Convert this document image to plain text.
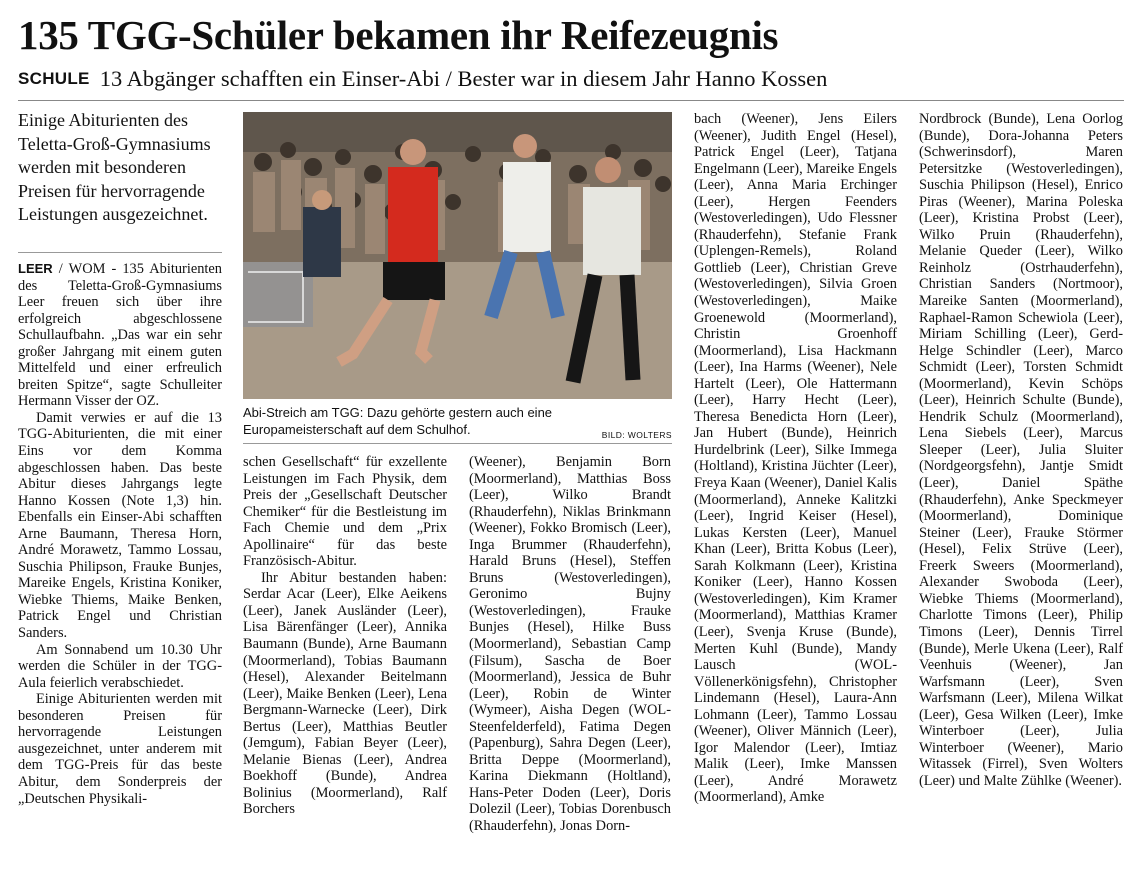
135 TGG-Schüler bekamen ihr Reifezeugnis
SCHULE 13 Abgänger schafften ein Einser-Abi / Bester war in diesem Jahr Hanno Kossen
Einige Abiturienten des Teletta-Groß-Gymnasiums werden mit besonderen Preisen für hervorragende Leistungen ausgezeichnet.

LEER / WOM - 135 Abiturienten des Teletta-Groß-Gymnasiums Leer freuen sich über ihre erfolgreich abgeschlossene Schullaufbahn. „Das war ein sehr großer Jahrgang mit einem guten Mittelfeld und einer erfreulich breiten Spitze“, sagte Schulleiter Hermann Visser der OZ.

Damit verwies er auf die 13 TGG-Abiturienten, die mit einer Eins vor dem Komma abgeschlossen haben. Das beste Abitur dieses Jahrgangs legte Hanno Kossen (Note 1,3) hin. Ebenfalls ein Einser-Abi schafften Arne Baumann, Theresa Horn, André Morawetz, Tammo Lossau, Suschia Philipson, Frauke Bunjes, Mareike Engels, Kristina Koniker, Wiebke Thiems, Maike Benken, Patrick Engel und Christian Sanders.

Am Sonnabend um 10.30 Uhr werden die Schüler in der TGG-Aula feierlich verabschiedet.

Einige Abiturienten werden mit besonderen Preisen für hervorragende Leistungen ausgezeichnet, unter anderem mit dem TGG-Preis für das beste Abitur, dem Sonderpreis der „Deutschen Physikali-

Abi-Streich am TGG: Dazu gehörte gestern auch eine Europameisterschaft auf dem Schulhof.	BILD: WOLTERS

schen Gesellschaft“ für exzellente Leistungen im Fach Physik, dem Preis der „Gesellschaft Deutscher Chemiker“ für die Bestleistung im Fach Chemie und dem „Prix Apollinaire“ für das beste Französisch-Abitur.

Ihr Abitur bestanden haben: Serdar Acar (Leer), Elke Aeikens (Leer), Janek Ausländer (Leer), Lisa Bärenfänger (Leer), Annika Baumann (Bunde), Arne Baumann (Moormerland), Tobias Baumann (Hesel), Alexander Beitelmann (Leer), Maike Benken (Leer), Lena Bergmann-Warnecke (Leer), Dirk Bertus (Leer), Matthias Beutler (Jemgum), Fabian Beyer (Leer), Melanie Bienas (Leer), Andrea Boekhoff (Bunde), Andrea Bolinius (Moormerland), Ralf Borchers

(Weener), Benjamin Born (Moormerland), Matthias Boss (Leer), Wilko Brandt (Rhauderfehn), Niklas Brinkmann (Weener), Fokko Bromisch (Leer), Inga Brummer (Rhauderfehn), Harald Bruns (Hesel), Steffen Bruns (Westoverledingen), Geronimo Bujny (Westoverledingen), Frauke Bunjes (Hesel), Hilke Buss (Moormerland), Sebastian Camp (Filsum), Sascha de Boer (Moormerland), Jessica de Buhr (Leer), Robin de Winter (Wymeer), Aisha Degen (WOL-Steenfelderfeld), Fatima Degen (Papenburg), Sahra Degen (Leer), Britta Deppe (Moormerland), Karina Diekmann (Holtland), Hans-Peter Doden (Leer), Doris Dolezil (Leer), Tobias Dorenbusch (Rhauderfehn), Jonas Dorn-

bach (Weener), Jens Eilers (Weener), Judith Engel (Hesel), Patrick Engel (Leer), Tatjana Engelmann (Leer), Mareike Engels (Leer), Anna Maria Erchinger (Leer), Hergen Feenders (Westoverledingen), Udo Flessner (Rhauderfehn), Stefanie Frank (Uplengen-Remels), Roland Gottlieb (Leer), Christian Greve (Westoverledingen), Silvia Groen (Westoverledingen), Maike Groenewold (Moormerland), Christin Groenhoff (Moormerland), Lisa Hackmann (Leer), Ina Harms (Weener), Nele Hartelt (Leer), Ole Hattermann (Leer), Harry Hecht (Leer), Theresa Benedicta Horn (Leer), Jan Hubert (Bunde), Heinrich Hurdelbrink (Leer), Silke Immega (Holtland), Kristina Jüchter (Leer), Freya Kaan (Weener), Daniel Kalis (Moormerland), Anneke Kalitzki (Leer), Ingrid Keiser (Hesel), Lukas Kersten (Leer), Manuel Khan (Leer), Britta Kobus (Leer), Sarah Kolkmann (Leer), Kristina Koniker (Leer), Hanno Kossen (Westoverledingen), Kim Kramer (Moormerland), Matthias Kramer (Leer), Svenja Kruse (Bunde), Merten Kuhl (Bunde), Mandy Lausch (WOL-Völlenerkönigsfehn), Christopher Lindemann (Hesel), Laura-Ann Lohmann (Leer), Tammo Lossau (Weener), Oliver Männich (Leer), Igor Malendor (Leer), Imtiaz Malik (Leer), Imke Manssen (Leer), André Morawetz (Moormerland), Amke

Nordbrock (Bunde), Lena Oorlog (Bunde), Dora-Johanna Peters (Schwerinsdorf), Maren Petersitzke (Westoverledingen), Suschia Philipson (Hesel), Enrico Piras (Weener), Marina Poleska (Leer), Kristina Probst (Leer), Wilko Pruin (Rhauderfehn), Melanie Queder (Leer), Wilko Reinholz (Ostrhauderfehn), Christian Sanders (Nortmoor), Mareike Santen (Moormerland), Raphael-Ramon Schewiola (Leer), Miriam Schilling (Leer), Gerd-Helge Schindler (Leer), Marco Schmidt (Leer), Torsten Schmidt (Moormerland), Kevin Schöps (Leer), Heinrich Schulte (Bunde), Hendrik Schulz (Moormerland), Lena Siebels (Leer), Marcus Sleeper (Leer), Julia Sluiter (Nordgeorgsfehn), Jantje Smidt (Leer), Daniel Späthe (Rhauderfehn), Anke Speckmeyer (Moormerland), Dominique Steiner (Leer), Frauke Störmer (Hesel), Felix Strüve (Leer), Freerk Sweers (Moormerland), Alexander Swoboda (Leer), Wiebke Thiems (Moormerland), Charlotte Timons (Leer), Philip Timons (Leer), Dennis Tirrel (Bunde), Merle Ukena (Leer), Ralf Veenhuis (Weener), Jan Warfsmann (Leer), Sven Warfsmann (Leer), Milena Wilkat (Leer), Gesa Wilken (Leer), Imke Winterboer (Leer), Julia Winterboer (Weener), Mario Witassek (Firrel), Sven Wolters (Leer) und Malte Zühlke (Weener).
